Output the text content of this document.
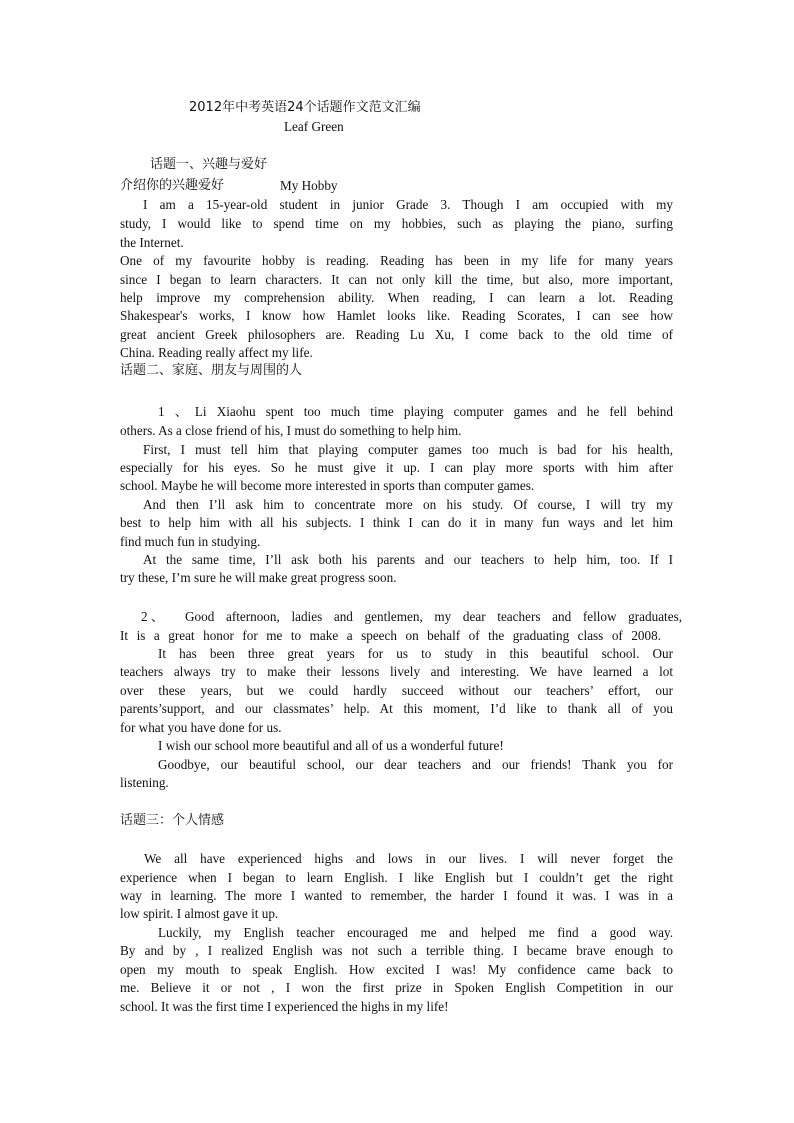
2012年中考英语24个话题作文范文汇编
Leaf Green
话题一、兴趣与爱好
介绍你的兴趣爱好	My Hobby
I am a 15-year-old student in junior Grade 3. Though I am occupied with my
study, I would like to spend time on my hobbies, such as playing the piano, surfing
the Internet.
One of my favourite hobby is reading. Reading has been in my life for many years
since I began to learn characters. It can not only kill the time, but also, more important,
help improve my comprehension ability. When reading, I can learn a lot. Reading
Shakespear's works, I know how Hamlet looks like. Reading Scorates, I can see how
great ancient Greek philosophers are. Reading Lu Xu, I come back to the old time of
China. Reading really affect my life.
话题二、家庭、朋友与周围的人
1 、Li Xiaohu spent too much time playing computer games and he fell behind
others. As a close friend of his, I must do something to help him.
First, I must tell him that playing computer games too much is bad for his health,
especially for his eyes. So he must give it up. I can play more sports with him after
school. Maybe he will become more interested in sports than computer games.
And then I’ll ask him to concentrate more on his study. Of course, I will try my
best to help him with all his subjects. I think I can do it in many fun ways and let him
find much fun in studying.
At the same time, I’ll ask both his parents and our teachers to help him, too. If I
try these, I’m sure he will make great progress soon.
2 、 Good afternoon, ladies and gentlemen, my dear teachers and fellow graduates,
It is a great honor for me to make a speech on behalf of the graduating class of 2008.
It has been three great years for us to study in this beautiful school. Our
teachers always try to make their lessons lively and interesting. We have learned a lot
over these years, but we could hardly succeed without our teachers’ effort, our
parents’support, and our classmates’ help. At this moment, I’d like to thank all of you
for what you have done for us.
I wish our school more beautiful and all of us a wonderful future!
Goodbye, our beautiful school, our dear teachers and our friends! Thank you for
listening.
话题三：个人情感
We all have experienced highs and lows in our lives. I will never forget the
experience when I began to learn English. I like English but I couldn’t get the right
way in learning. The more I wanted to remember, the harder I found it was. I was in a
low spirit. I almost gave it up.
Luckily, my English teacher encouraged me and helped me find a good way.
By and by , I realized English was not such a terrible thing. I became brave enough to
open my mouth to speak English. How excited I was! My confidence came back to
me. Believe it or not , I won the first prize in Spoken English Competition in our
school. It was the first time I experienced the highs in my life!
